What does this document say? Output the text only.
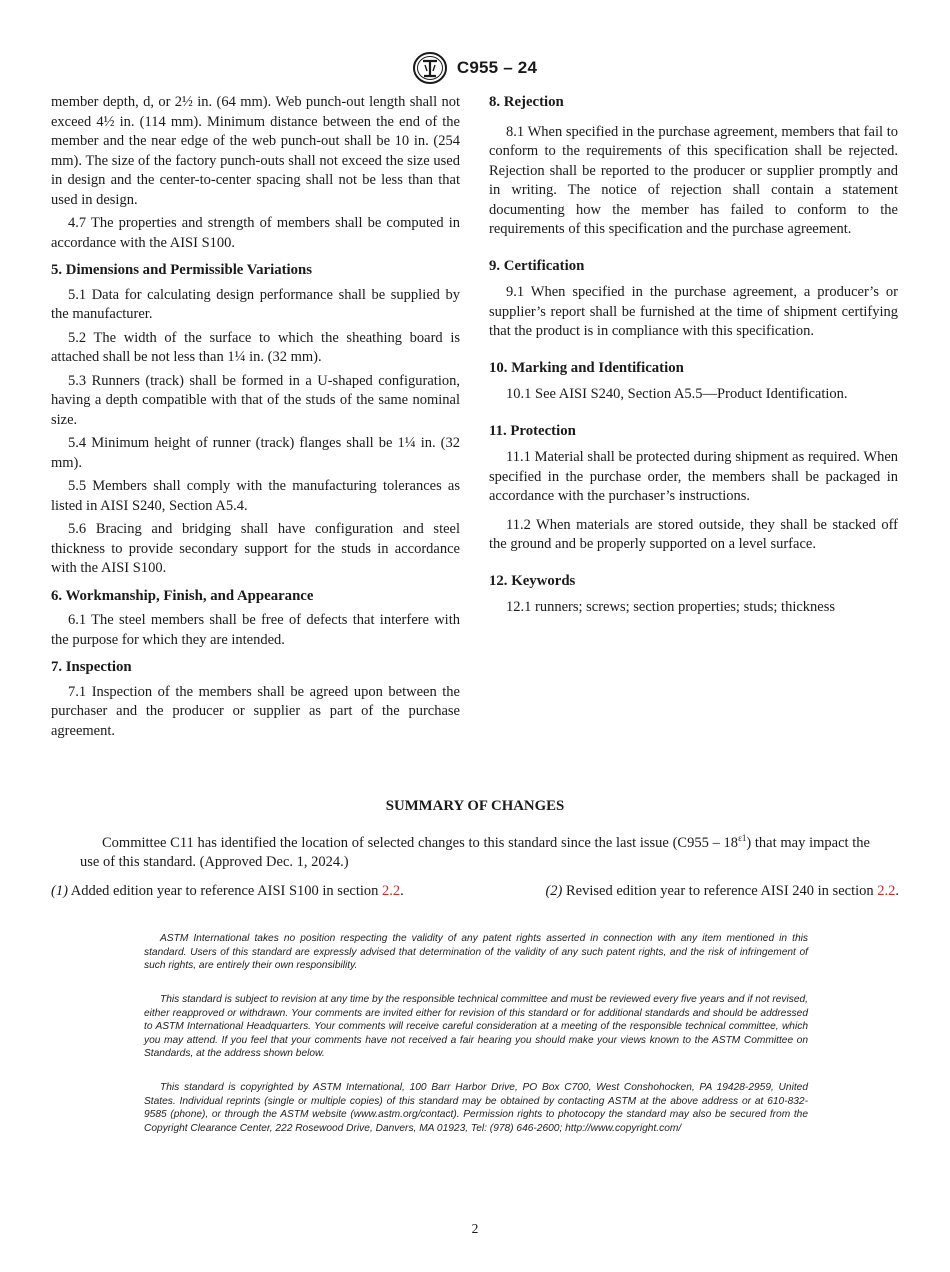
C955 – 24

member depth, d, or 2½ in. (64 mm). Web punch-out length shall not exceed 4½ in. (114 mm). Minimum distance between the end of the member and the near edge of the web punch-out shall be 10 in. (254 mm). The size of the factory punch-outs shall not exceed the size used in design and the center-to-center spacing shall not be less than that used in design.

4.7 The properties and strength of members shall be computed in accordance with the AISI S100.

5. Dimensions and Permissible Variations

5.1 Data for calculating design performance shall be supplied by the manufacturer.

5.2 The width of the surface to which the sheathing board is attached shall be not less than 1¼ in. (32 mm).

5.3 Runners (track) shall be formed in a U-shaped configuration, having a depth compatible with that of the studs of the same nominal size.

5.4 Minimum height of runner (track) flanges shall be 1¼ in. (32 mm).

5.5 Members shall comply with the manufacturing tolerances as listed in AISI S240, Section A5.4.

5.6 Bracing and bridging shall have configuration and steel thickness to provide secondary support for the studs in accordance with the AISI S100.

6. Workmanship, Finish, and Appearance

6.1 The steel members shall be free of defects that interfere with the purpose for which they are intended.

7. Inspection

7.1 Inspection of the members shall be agreed upon between the purchaser and the producer or supplier as part of the purchase agreement.

8. Rejection

8.1 When specified in the purchase agreement, members that fail to conform to the requirements of this specification shall be rejected. Rejection shall be reported to the producer or supplier promptly and in writing. The notice of rejection shall contain a statement documenting how the member has failed to conform to the requirements of this specification and the purchase agreement.

9. Certification

9.1 When specified in the purchase agreement, a producer’s or supplier’s report shall be furnished at the time of shipment certifying that the product is in compliance with this specification.

10. Marking and Identification

10.1 See AISI S240, Section A5.5—Product Identification.

11. Protection

11.1 Material shall be protected during shipment as required. When specified in the purchase order, the members shall be packaged in accordance with the purchaser’s instructions.

11.2 When materials are stored outside, they shall be stacked off the ground and be properly supported on a level surface.

12. Keywords

12.1 runners; screws; section properties; studs; thickness

SUMMARY OF CHANGES

Committee C11 has identified the location of selected changes to this standard since the last issue $(C955 - 18^{\varepsilon 1})$ that may impact the use of this standard. (Approved Dec. 1, 2024.)

(1) Added edition year to reference AISI S100 in section 2.2.	(2) Revised edition year to reference AISI 240 in section 2.2.

ASTM International takes no position respecting the validity of any patent rights asserted in connection with any item mentioned in this standard. Users of this standard are expressly advised that determination of the validity of any such patent rights, and the risk of infringement of such rights, are entirely their own responsibility.

This standard is subject to revision at any time by the responsible technical committee and must be reviewed every five years and if not revised, either reapproved or withdrawn. Your comments are invited either for revision of this standard or for additional standards and should be addressed to ASTM International Headquarters. Your comments will receive careful consideration at a meeting of the responsible technical committee, which you may attend. If you feel that your comments have not received a fair hearing you should make your views known to the ASTM Committee on Standards, at the address shown below.

This standard is copyrighted by ASTM International, 100 Barr Harbor Drive, PO Box C700, West Conshohocken, PA 19428-2959, United States. Individual reprints (single or multiple copies) of this standard may be obtained by contacting ASTM at the above address or at 610-832-9585 (phone), or through the ASTM website (www.astm.org/contact). Permission rights to photocopy the standard may also be secured from the Copyright Clearance Center, 222 Rosewood Drive, Danvers, MA 01923, Tel: (978) 646-2600; http://www.copyright.com/

2
